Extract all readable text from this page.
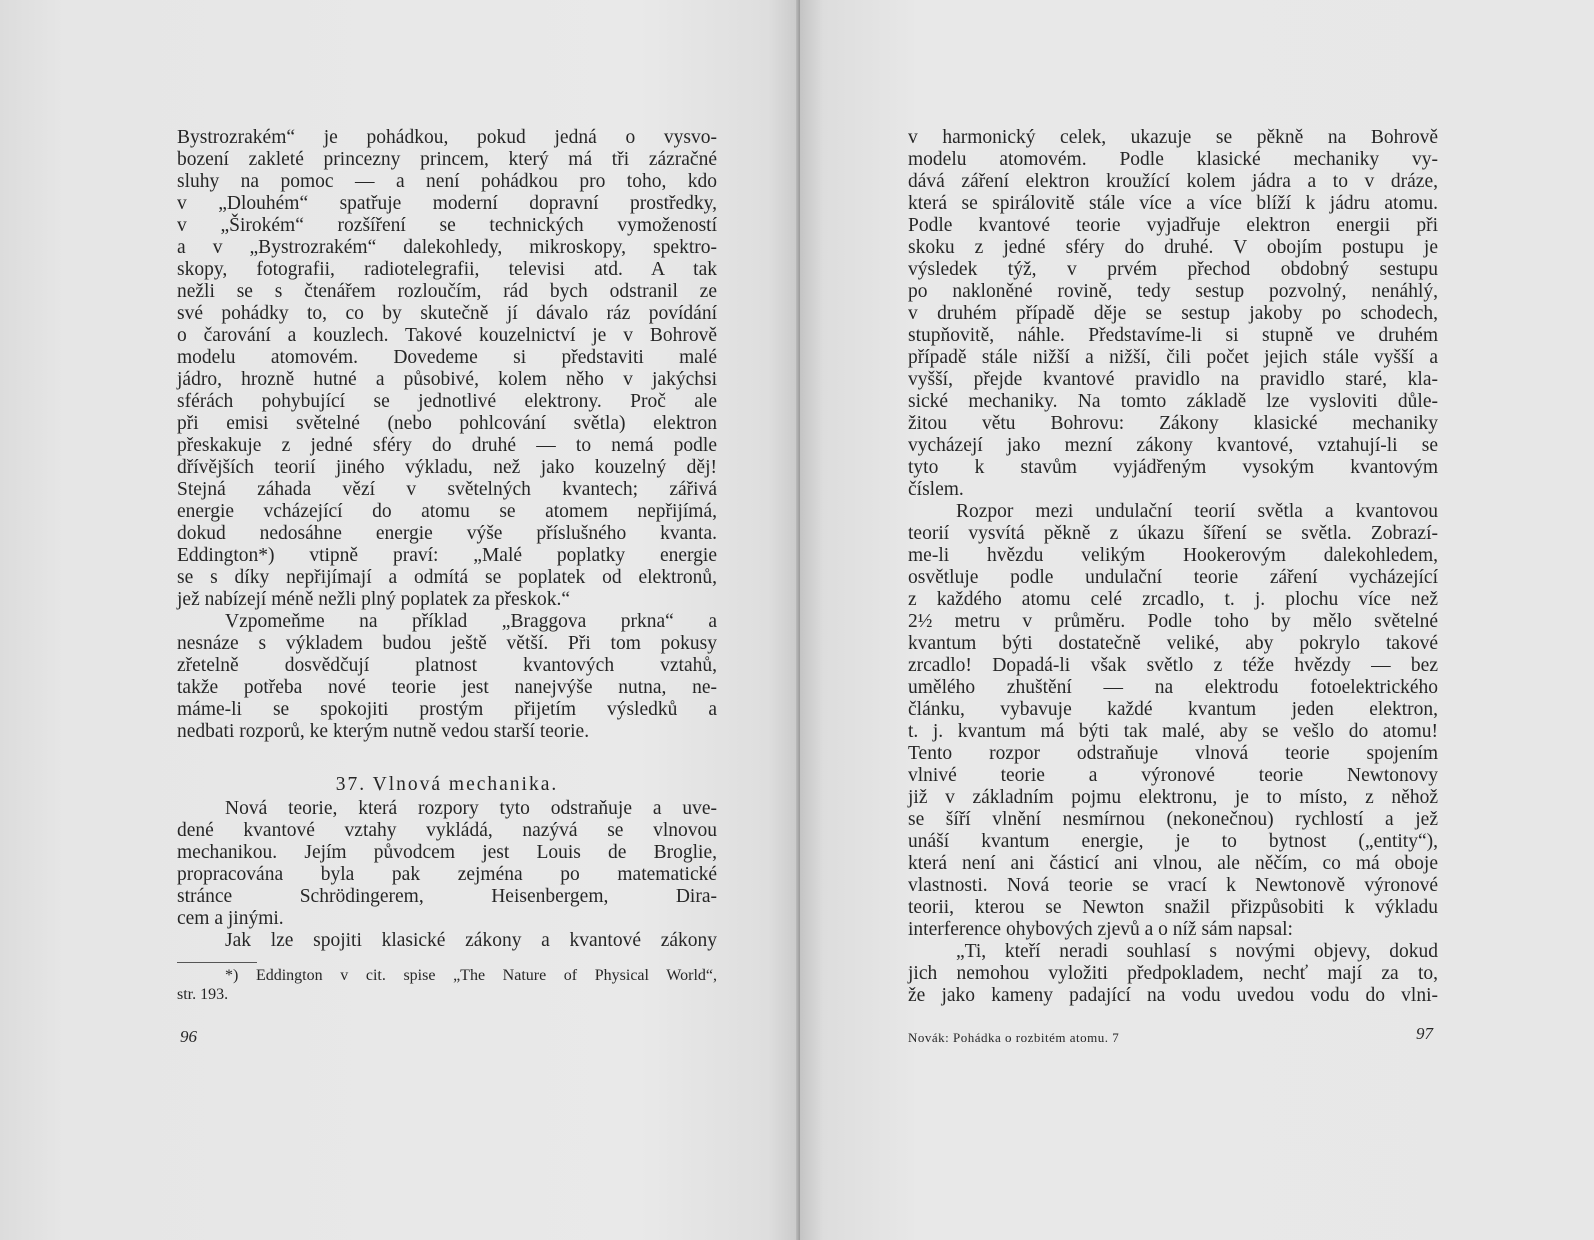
Bystrozrakém“ je pohádkou, pokud jedná o vysvo-
bození zakleté princezny princem, který má tři zázračné
sluhy na pomoc — a není pohádkou pro toho, kdo
v „Dlouhém“ spatřuje moderní dopravní prostředky,
v „Širokém“ rozšíření se technických vymožeností
a v „Bystrozrakém“ dalekohledy, mikroskopy, spektro-
skopy, fotografii, radiotelegrafii, televisi atd. A tak
nežli se s čtenářem rozloučím, rád bych odstranil ze
své pohádky to, co by skutečně jí dávalo ráz povídání
o čarování a kouzlech. Takové kouzelnictví je v Bohrově
modelu atomovém. Dovedeme si představiti malé
jádro, hrozně hutné a působivé, kolem něho v jakýchsi
sférách pohybující se jednotlivé elektrony. Proč ale
při emisi světelné (nebo pohlcování světla) elektron
přeskakuje z jedné sféry do druhé — to nemá podle
dřívějších teorií jiného výkladu, než jako kouzelný děj!
Stejná záhada vězí v světelných kvantech; zářivá
energie vcházející do atomu se atomem nepřijímá,
dokud nedosáhne energie výše příslušného kvanta.
Eddington*) vtipně praví: „Malé poplatky energie
se s díky nepřijímají a odmítá se poplatek od elektronů,
jež nabízejí méně nežli plný poplatek za přeskok.“
Vzpomeňme na příklad „Braggova prkna“ a
nesnáze s výkladem budou ještě větší. Při tom pokusy
zřetelně dosvědčují platnost kvantových vztahů,
takže potřeba nové teorie jest nanejvýše nutna, ne-
máme-li se spokojiti prostým přijetím výsledků a
nedbati rozporů, ke kterým nutně vedou starší teorie.
37. Vlnová mechanika.
Nová teorie, která rozpory tyto odstraňuje a uve-
dené kvantové vztahy vykládá, nazývá se vlnovou
mechanikou. Jejím původcem jest Louis de Broglie,
propracována byla pak zejména po matematické
stránce Schrödingerem, Heisenbergem, Dira-
cem a jinými.
Jak lze spojiti klasické zákony a kvantové zákony
*) Eddington v cit. spise „The Nature of Physical World“,
str. 193.
96
v harmonický celek, ukazuje se pěkně na Bohrově
modelu atomovém. Podle klasické mechaniky vy-
dává záření elektron kroužící kolem jádra a to v dráze,
která se spirálovitě stále více a více blíží k jádru atomu.
Podle kvantové teorie vyjadřuje elektron energii při
skoku z jedné sféry do druhé. V obojím postupu je
výsledek týž, v prvém přechod obdobný sestupu
po nakloněné rovině, tedy sestup pozvolný, nenáhlý,
v druhém případě děje se sestup jakoby po schodech,
stupňovitě, náhle. Představíme-li si stupně ve druhém
případě stále nižší a nižší, čili počet jejich stále vyšší a
vyšší, přejde kvantové pravidlo na pravidlo staré, kla-
sické mechaniky. Na tomto základě lze vysloviti důle-
žitou větu Bohrovu: Zákony klasické mechaniky
vycházejí jako mezní zákony kvantové, vztahují-li se
tyto k stavům vyjádřeným vysokým kvantovým
číslem.
Rozpor mezi undulační teorií světla a kvantovou
teorií vysvítá pěkně z úkazu šíření se světla. Zobrazí-
me-li hvězdu velikým Hookerovým dalekohledem,
osvětluje podle undulační teorie záření vycházející
z každého atomu celé zrcadlo, t. j. plochu více než
2½ metru v průměru. Podle toho by mělo světelné
kvantum býti dostatečně veliké, aby pokrylo takové
zrcadlo! Dopadá-li však světlo z téže hvězdy — bez
umělého zhuštění — na elektrodu fotoelektrického
článku, vybavuje každé kvantum jeden elektron,
t. j. kvantum má býti tak malé, aby se vešlo do atomu!
Tento rozpor odstraňuje vlnová teorie spojením
vlnivé teorie a výronové teorie Newtonovy
již v základním pojmu elektronu, je to místo, z něhož
se šíří vlnění nesmírnou (nekonečnou) rychlostí a jež
unáší kvantum energie, je to bytnost („entity“),
která není ani částicí ani vlnou, ale něčím, co má oboje
vlastnosti. Nová teorie se vrací k Newtonově výronové
teorii, kterou se Newton snažil přizpůsobiti k výkladu
interference ohybových zjevů a o níž sám napsal:
„Ti, kteří neradi souhlasí s novými objevy, dokud
jich nemohou vyložiti předpokladem, nechť mají za to,
že jako kameny padající na vodu uvedou vodu do vlni-
Novák: Pohádka o rozbitém atomu. 7	97
